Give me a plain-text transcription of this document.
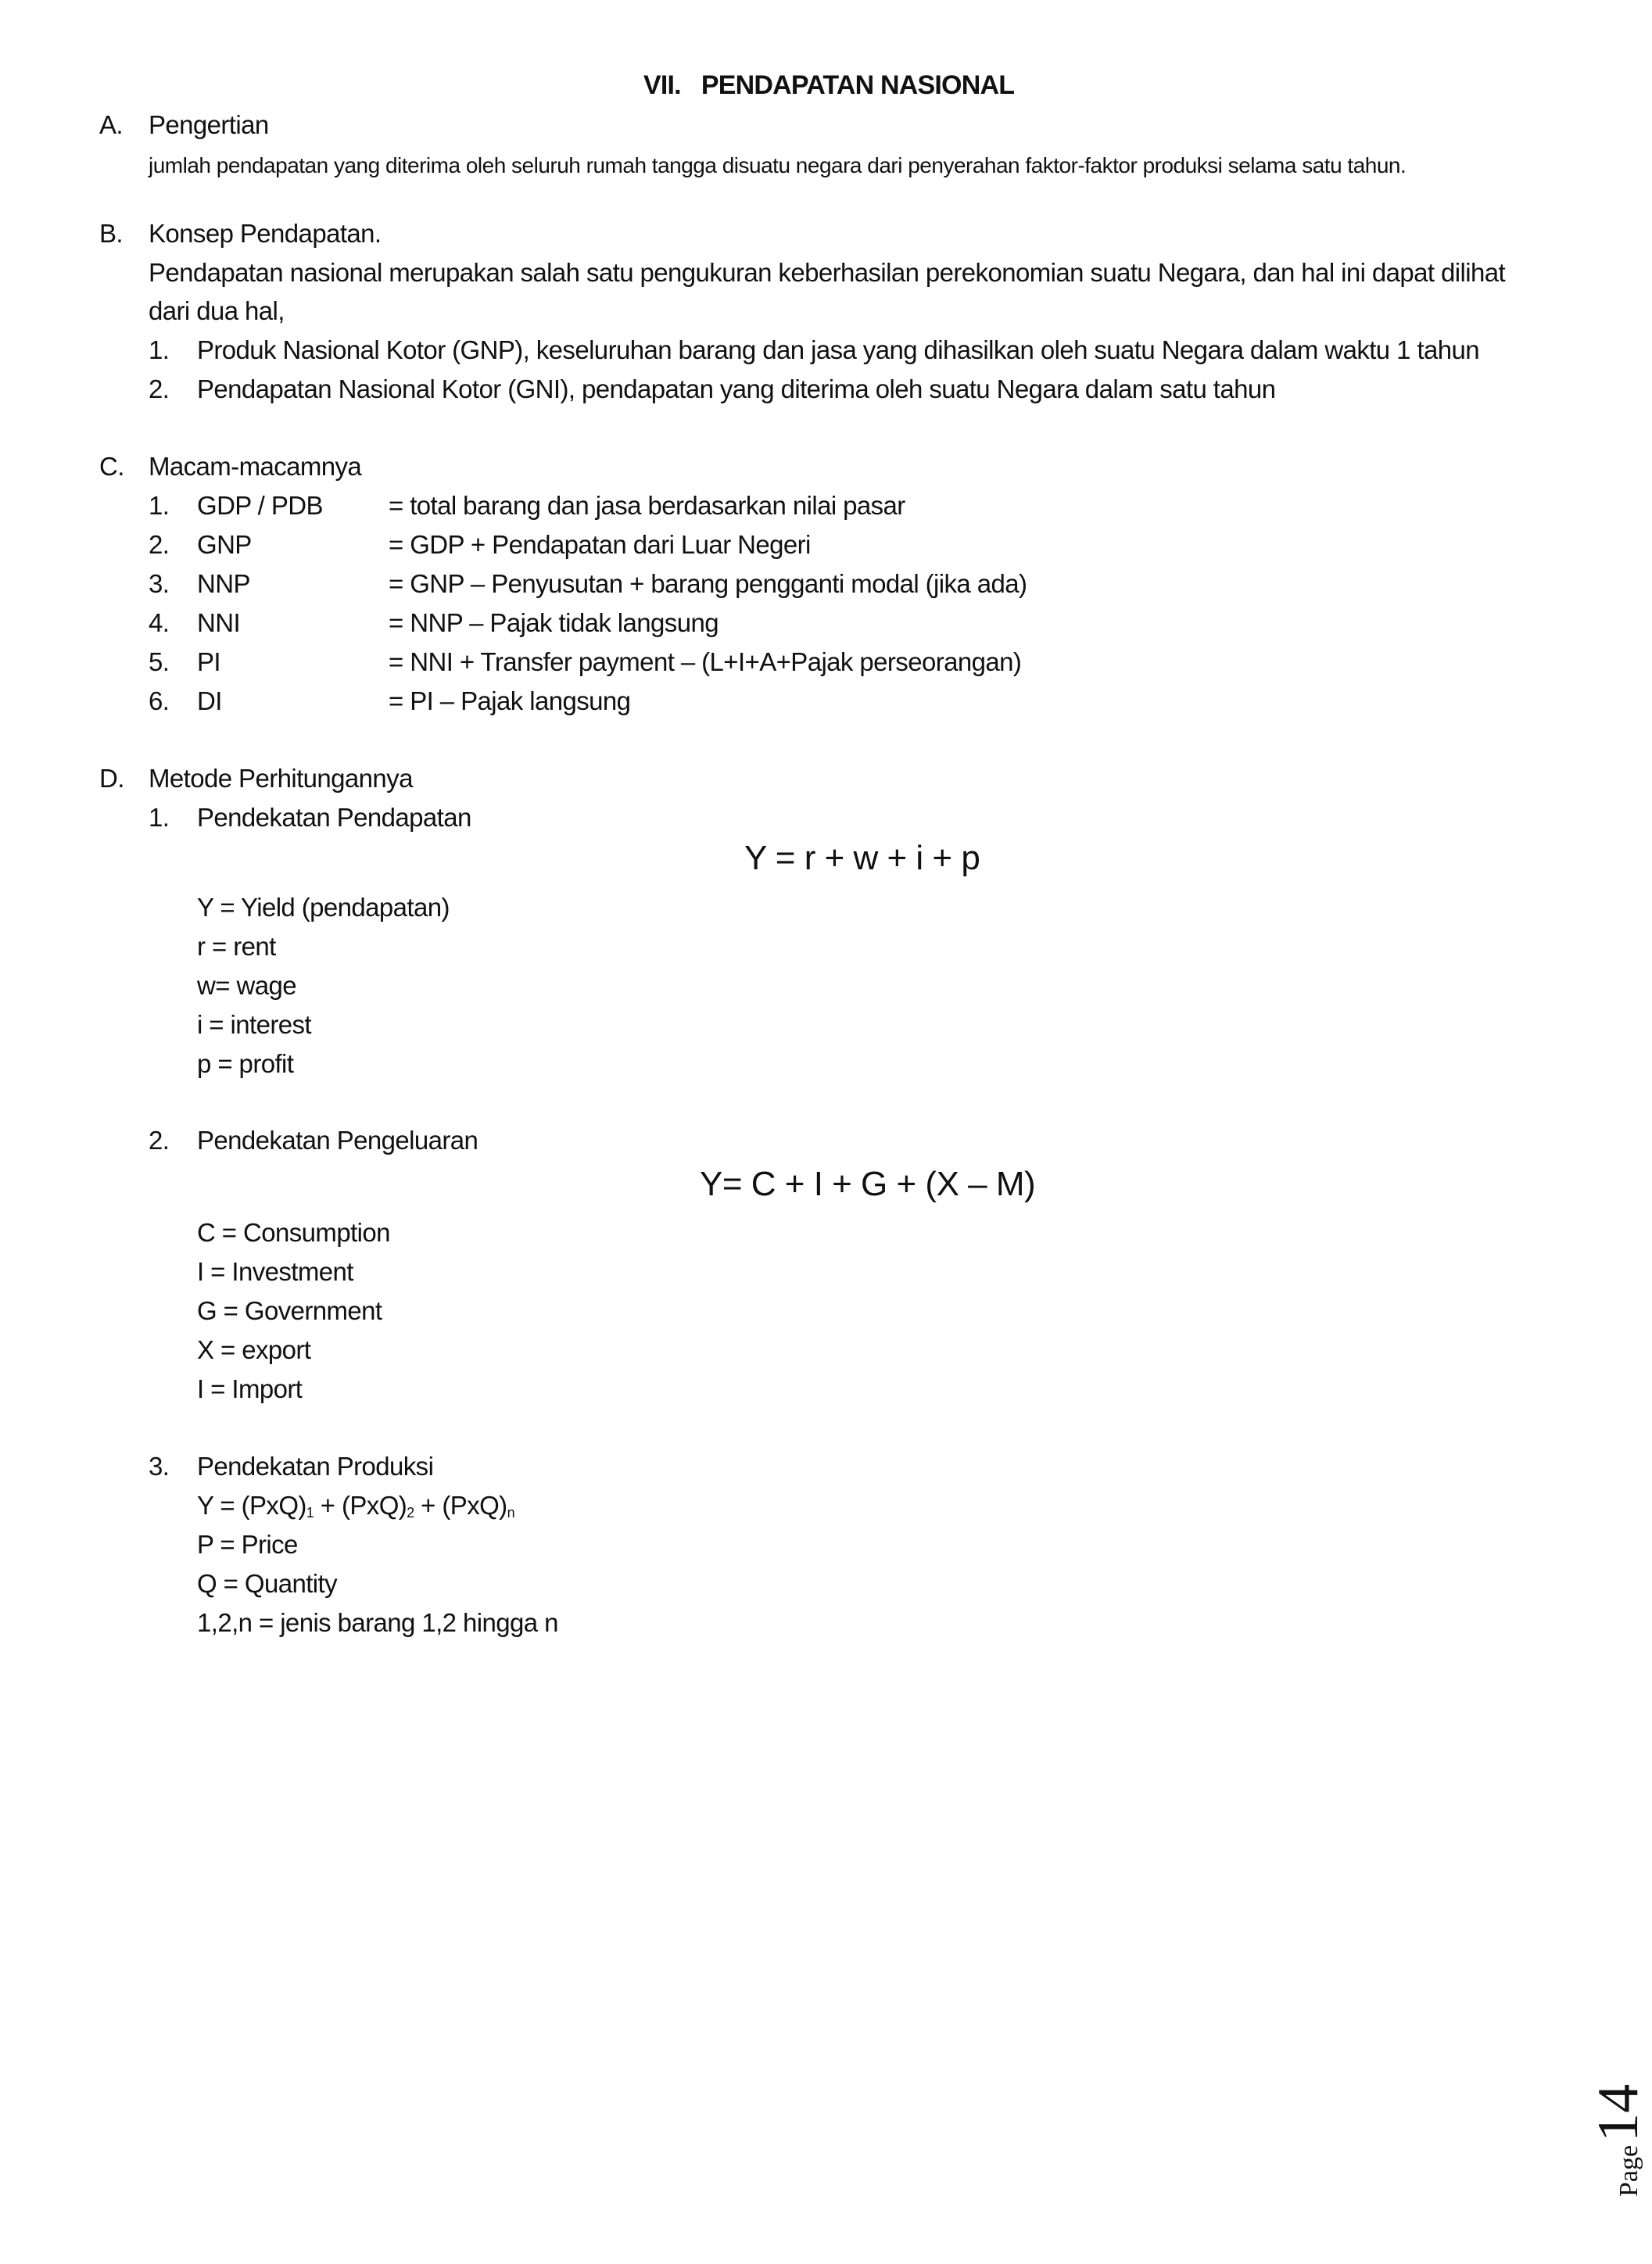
VII. PENDAPATAN NASIONAL
A. Pengertian
jumlah pendapatan yang diterima oleh seluruh rumah tangga disuatu negara dari penyerahan faktor-faktor produksi selama satu tahun.
B. Konsep Pendapatan.
Pendapatan nasional merupakan salah satu pengukuran keberhasilan perekonomian suatu Negara, dan hal ini dapat dilihat
dari dua hal,
1. Produk Nasional Kotor (GNP), keseluruhan barang dan jasa yang dihasilkan oleh suatu Negara dalam waktu 1 tahun
2. Pendapatan Nasional Kotor (GNI), pendapatan yang diterima oleh suatu Negara dalam satu tahun
C. Macam-macamnya
1. GDP / PDB	= total barang dan jasa berdasarkan nilai pasar
2. GNP	= GDP + Pendapatan dari Luar Negeri
3. NNP	= GNP – Penyusutan + barang pengganti modal (jika ada)
4. NNI	= NNP – Pajak tidak langsung
5. PI	= NNI + Transfer payment – (L+I+A+Pajak perseorangan)
6. DI	= PI – Pajak langsung
D. Metode Perhitungannya
1. Pendekatan Pendapatan
Y = r + w + i + p
Y = Yield (pendapatan)
r = rent
w= wage
i = interest
p = profit
2. Pendekatan Pengeluaran
Y= C + I + G + (X – M)
C = Consumption
I = Investment
G = Government
X = export
I = Import
3. Pendekatan Produksi
$Y = (PxQ)_1 + (PxQ)_2 + (PxQ)_n$
P = Price
Q = Quantity
1,2,n = jenis barang 1,2 hingga n
Page14
